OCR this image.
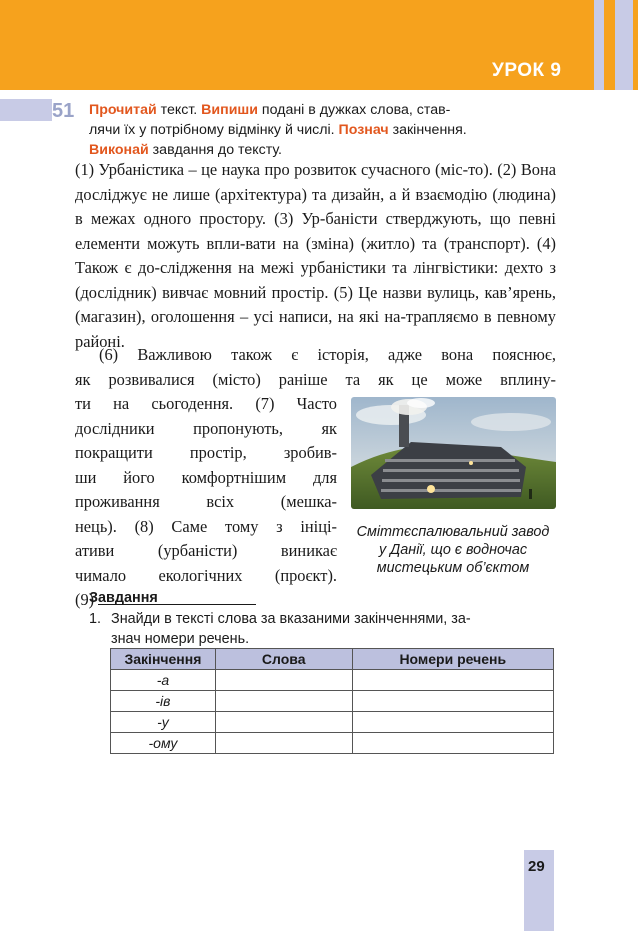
УРОК 9
51 Прочитай текст. Випиши подані в дужках слова, став-
лячи їх у потрібному відмінку й числі. Познач закінчення.
Виконай завдання до тексту.
(1) Урбаністика – це наука про розвиток сучасного (міс-то). (2) Вона досліджує не лише (архітектура) та дизайн, а й взаємодію (людина) в межах одного простору. (3) Ур-баністи стверджують, що певні елементи можуть впли-вати на (зміна) (житло) та (транспорт). (4) Також є до-слідження на межі урбаністики та лінгвістики: дехто з (дослідник) вивчає мовний простір. (5) Це назви вулиць, кав’ярень, (магазин), оголошення – усі написи, на які на-трапляємо в певному районі.
(6) Важливою також є історія, адже вона пояснює,
як розвивалися (місто) раніше та як це може вплину-
ти на сьогодення. (7) Часто
дослідники пропонують, як
покращити простір, зробив-
ши його комфортнішим для
проживання всіх (мешка-
нець). (8) Саме тому з ініці-
ативи (урбаністи) виникає
чимало екологічних (проєкт).
(9)
Сміттєспалювальний завод
у Данії, що є водночас
мистецьким об’єктом
Завдання
1. Знайди в тексті слова за вказаними закінченнями, за-
знач номери речень.
Закінчення	Слова	Номери речень
-а		
-ів		
-у		
-ому		
29
